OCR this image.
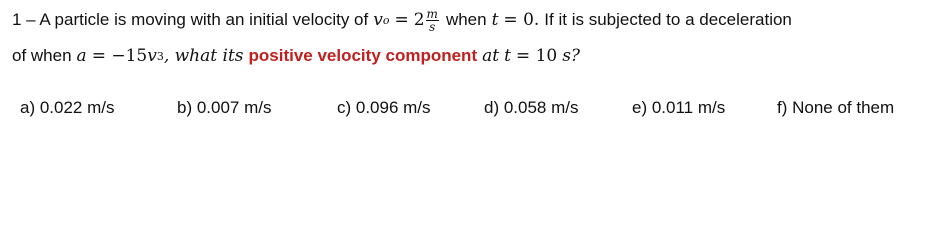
1 – A particle is moving with an initial velocity of v $o = 2 \frac{m}{s}$ when t = 0. If it is subjected to a deceleration
of when a = −15 v 3 , what its positive velocity component at t = 10 s?
a) 0.022 m/s	b) 0.007 m/s	c) 0.096 m/s	d) 0.058 m/s	e) 0.011 m/s	f) None of them
